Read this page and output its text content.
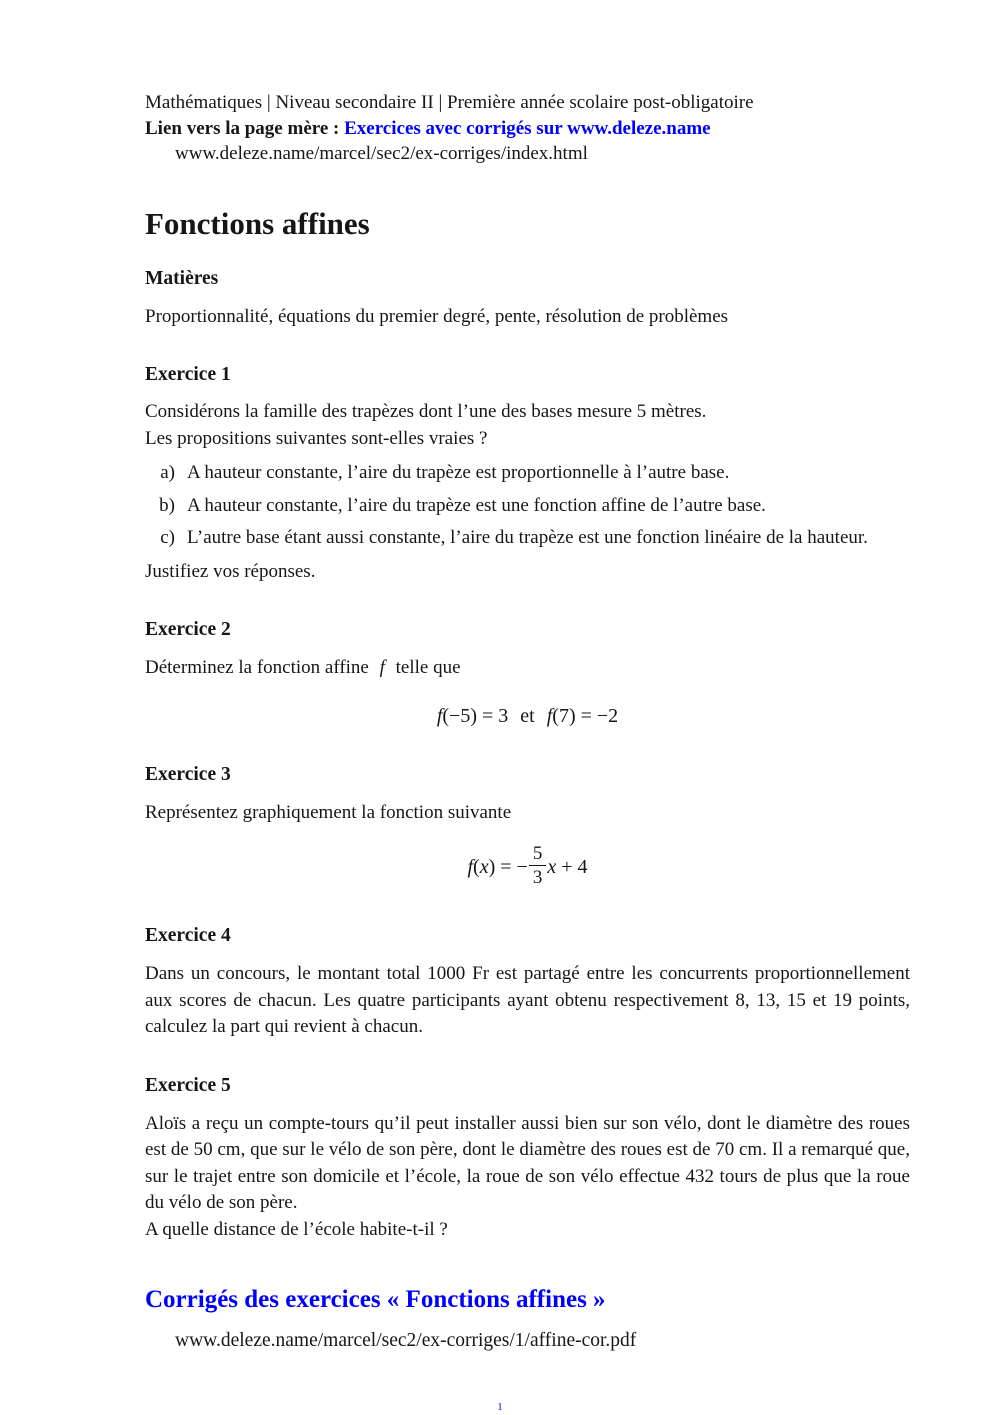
Mathématiques | Niveau secondaire II | Première année scolaire post-obligatoire
Lien vers la page mère : Exercices avec corrigés sur www.deleze.name
www.deleze.name/marcel/sec2/ex-corriges/index.html
Fonctions affines
Matières
Proportionnalité, équations du premier degré, pente, résolution de problèmes
Exercice 1
Considérons la famille des trapèzes dont l’une des bases mesure 5 mètres.
Les propositions suivantes sont-elles vraies ?
a) A hauteur constante, l’aire du trapèze est proportionnelle à l’autre base.
b) A hauteur constante, l’aire du trapèze est une fonction affine de l’autre base.
c) L’autre base étant aussi constante, l’aire du trapèze est une fonction linéaire de la hauteur.
Justifiez vos réponses.
Exercice 2
Déterminez la fonction affine f telle que
f(−5) = 3 et f(7) = −2
Exercice 3
Représentez graphiquement la fonction suivante
f(x) = − $\frac{5}{3}$ x + 4
Exercice 4
Dans un concours, le montant total 1000 Fr est partagé entre les concurrents proportionnellement aux scores de chacun. Les quatre participants ayant obtenu respectivement 8, 13, 15 et 19 points, calculez la part qui revient à chacun.
Exercice 5
Aloïs a reçu un compte-tours qu’il peut installer aussi bien sur son vélo, dont le diamètre des roues est de 50 cm, que sur le vélo de son père, dont le diamètre des roues est de 70 cm. Il a remarqué que, sur le trajet entre son domicile et l’école, la roue de son vélo effectue 432 tours de plus que la roue du vélo de son père.
A quelle distance de l’école habite-t-il ?
Corrigés des exercices « Fonctions affines »
www.deleze.name/marcel/sec2/ex-corriges/1/affine-cor.pdf
1
